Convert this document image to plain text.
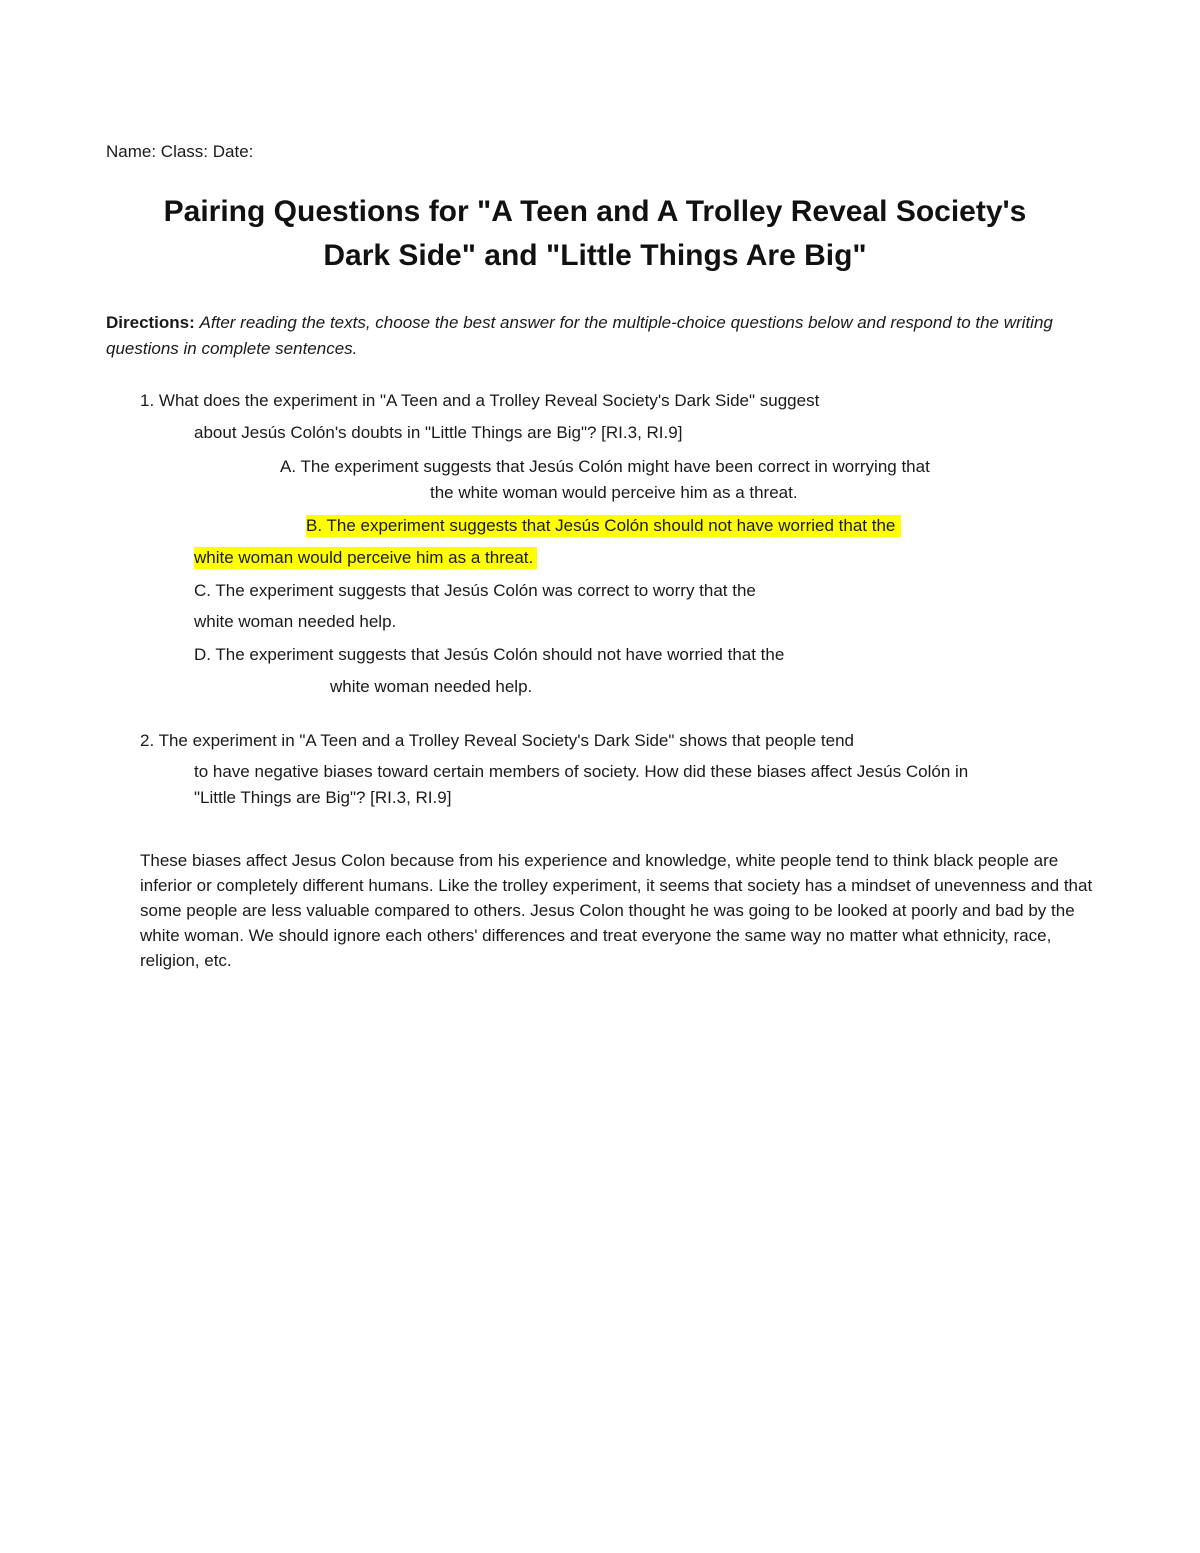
Name: Class: Date:
Pairing Questions for "A Teen and A Trolley Reveal Society's
Dark Side" and "Little Things Are Big"
Directions: After reading the texts, choose the best answer for the multiple-choice questions below and respond to the writing questions in complete sentences.
1. What does the experiment in "A Teen and a Trolley Reveal Society's Dark Side" suggest
about Jesús Colón's doubts in "Little Things are Big"? [RI.3, RI.9]
A. The experiment suggests that Jesús Colón might have been correct in worrying that
the white woman would perceive him as a threat.
B. The experiment suggests that Jesús Colón should not have worried that the
white woman would perceive him as a threat.
C. The experiment suggests that Jesús Colón was correct to worry that the
white woman needed help.
D. The experiment suggests that Jesús Colón should not have worried that the
white woman needed help.
2. The experiment in "A Teen and a Trolley Reveal Society's Dark Side" shows that people tend
to have negative biases toward certain members of society. How did these biases affect Jesús Colón in
"Little Things are Big"? [RI.3, RI.9]
These biases affect Jesus Colon because from his experience and knowledge, white people tend to think black people are inferior or completely different humans. Like the trolley experiment, it seems that society has a mindset of unevenness and that some people are less valuable compared to others. Jesus Colon thought he was going to be looked at poorly and bad by the white woman. We should ignore each others' differences and treat everyone the same way no matter what ethnicity, race, religion, etc.
